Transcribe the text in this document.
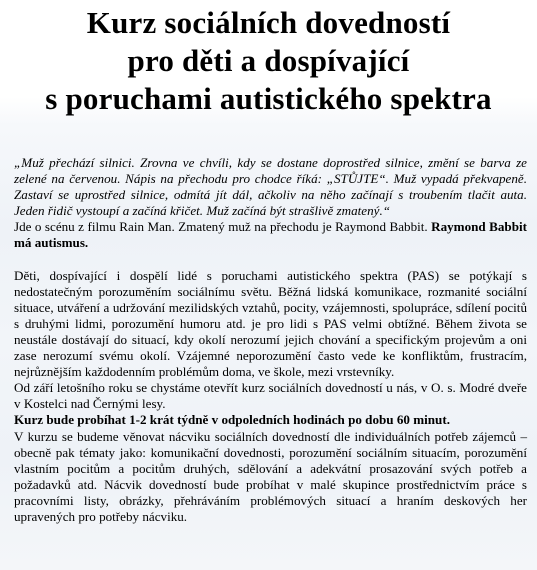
Kurz sociálních dovedností
pro děti a dospívající
s poruchami autistického spektra

„Muž přechází silnici. Zrovna ve chvíli, kdy se dostane doprostřed silnice, změní se barva ze zelené na červenou. Nápis na přechodu pro chodce říká: „STŮJTE“. Muž vypadá překvapeně. Zastaví se uprostřed silnice, odmítá jít dál, ačkoliv na něho začínají s troubením tlačit auta. Jeden řidič vystoupí a začíná křičet. Muž začíná být strašlivě zmatený.“

Jde o scénu z filmu Rain Man. Zmatený muž na přechodu je Raymond Babbit. Raymond Babbit má autismus.

Děti, dospívající i dospělí lidé s poruchami autistického spektra (PAS) se potýkají s nedostatečným porozuměním sociálnímu světu. Běžná lidská komunikace, rozmanité sociální situace, utváření a udržování mezilidských vztahů, pocity, vzájemnosti, spolupráce, sdílení pocitů s druhými lidmi, porozumění humoru atd. je pro lidi s PAS velmi obtížné. Během života se neustále dostávají do situací, kdy okolí nerozumí jejich chování a specifickým projevům a oni zase nerozumí svému okolí. Vzájemné neporozumění často vede ke konfliktům, frustracím, nejrůznějším každodenním problémům doma, ve škole, mezi vrstevníky.

Od září letošního roku se chystáme otevřít kurz sociálních dovedností u nás, v O. s. Modré dveře v Kostelci nad Černými lesy.

Kurz bude probíhat 1-2 krát týdně v odpoledních hodinách po dobu 60 minut.

V kurzu se budeme věnovat nácviku sociálních dovedností dle individuálních potřeb zájemců – obecně pak tématy jako: komunikační dovednosti, porozumění sociálním situacím, porozumění vlastním pocitům a pocitům druhých, sdělování a adekvátní prosazování svých potřeb a požadavků atd. Nácvik dovedností bude probíhat v malé skupince prostřednictvím práce s pracovními listy, obrázky, přehráváním problémových situací a hraním deskových her upravených pro potřeby nácviku.
